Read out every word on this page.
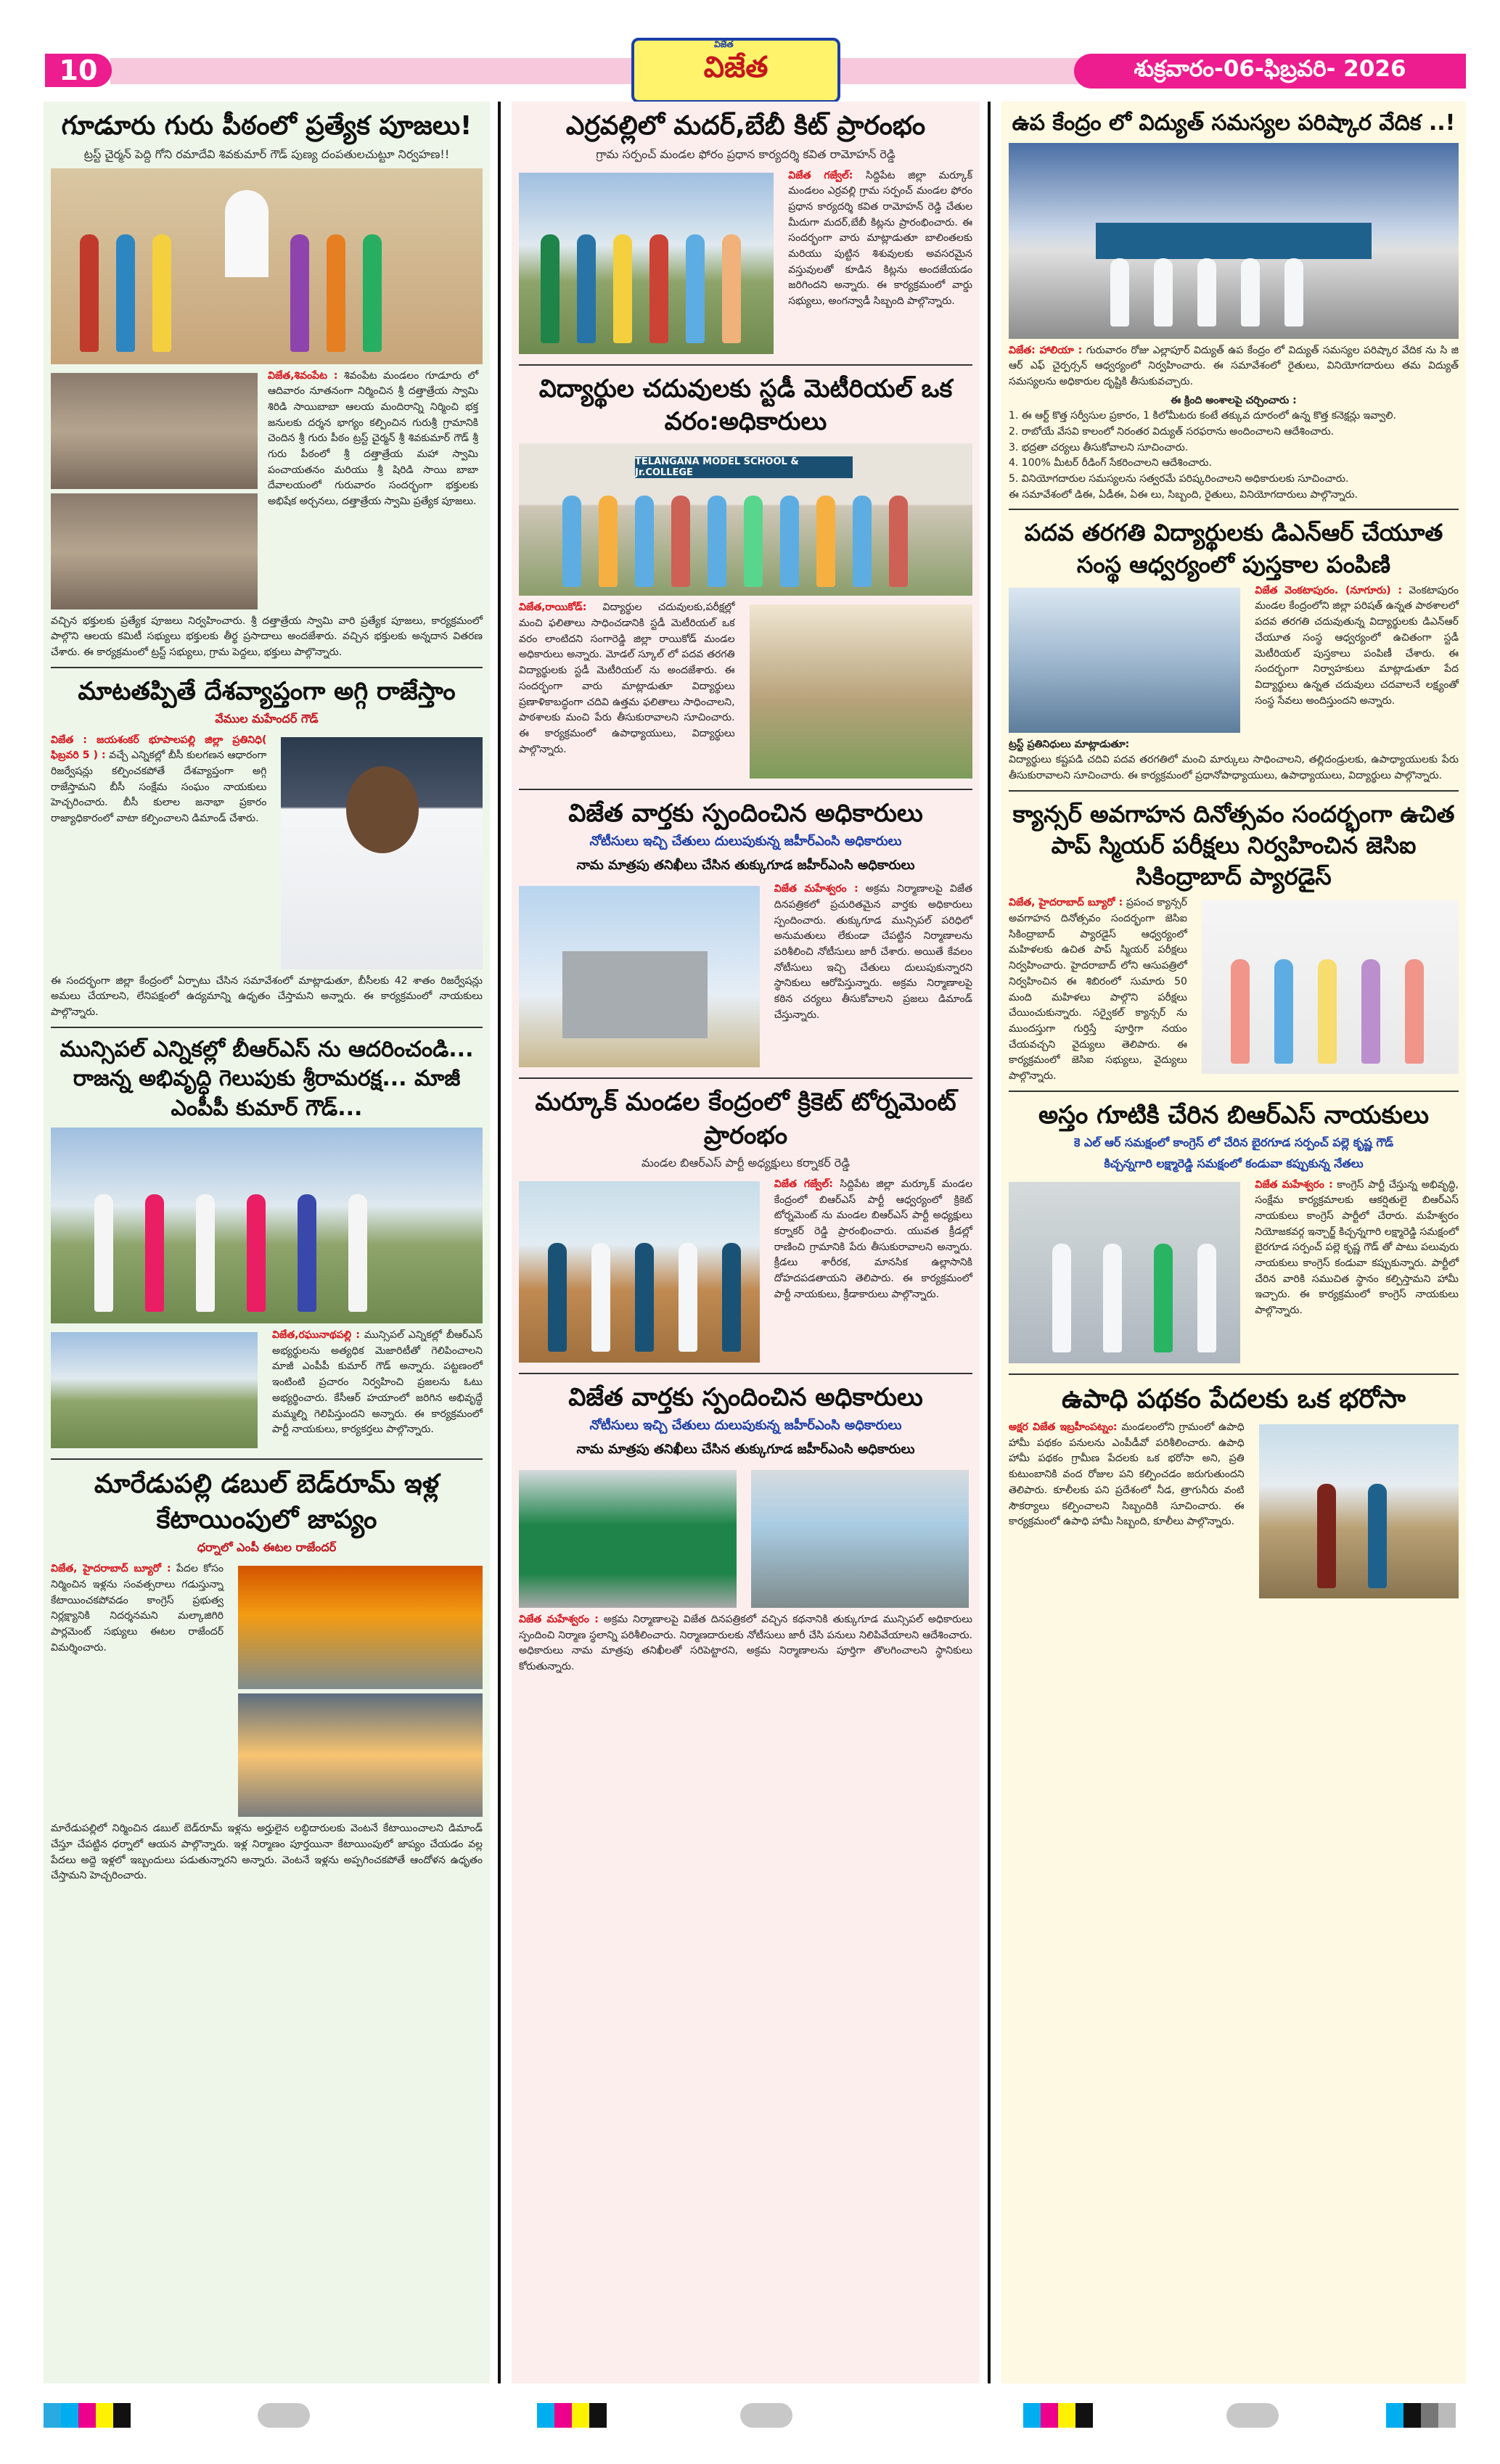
10
విజేత
విజేత	శుక్రవారం-06-ఫిబ్రవరి- 2026
గూడూరు గురు పీఠంలో ప్రత్యేక పూజలు!
ట్రస్ట్ చైర్మన్ పెద్ది గోని రమాదేవి శివకుమార్ గౌడ్ పుణ్య దంపతులచుట్టూ నిర్వహణ!!
విజేత,శివంపేట : శివంపేట మండలం గూడూరు లో ఆదివారం నూతనంగా నిర్మించిన శ్రీ దత్తాత్రేయ స్వామి శిరిడి సాయిబాబా ఆలయ మందిరాన్ని నిర్మించి భక్త జనులకు దర్శన భాగ్యం కల్పించిన గురుశ్రీ గ్రామానికి చెందిన శ్రీ గురు పీఠం ట్రస్ట్ చైర్మన్ శ్రీ శివకుమార్ గౌడ్ శ్రీ గురు పీఠంలో శ్రీ దత్తాత్రేయ మహా స్వామి పంచాయతనం మరియు శ్రీ షిరిడి సాయి బాబా దేవాలయంలో గురువారం సందర్భంగా భక్తులకు అభిషేక అర్చనలు, దత్తాత్రేయ స్వామి ప్రత్యేక పూజలు.
వచ్చిన భక్తులకు ప్రత్యేక పూజలు నిర్వహించారు. శ్రీ దత్తాత్రేయ స్వామి వారి ప్రత్యేక పూజలు, కార్యక్రమంలో పాల్గొని ఆలయ కమిటీ సభ్యులు భక్తులకు తీర్థ ప్రసాదాలు అందజేశారు. వచ్చిన భక్తులకు అన్నదాన వితరణ చేశారు. ఈ కార్యక్రమంలో ట్రస్ట్ సభ్యులు, గ్రామ పెద్దలు, భక్తులు పాల్గొన్నారు.
మాటతప్పితే దేశవ్యాప్తంగా అగ్గి రాజేస్తాం
వేముల మహేందర్ గౌడ్
విజేత : జయశంకర్ భూపాలపల్లి జిల్లా ప్రతినిధి( ఫిబ్రవరి 5 ) : వచ్చే ఎన్నికల్లో బీసీ కులగణన ఆధారంగా రిజర్వేషన్లు కల్పించకపోతే దేశవ్యాప్తంగా అగ్గి రాజేస్తామని బీసీ సంక్షేమ సంఘం నాయకులు హెచ్చరించారు. బీసీ కులాల జనాభా ప్రకారం రాజ్యాధికారంలో వాటా కల్పించాలని డిమాండ్ చేశారు.
ఈ సందర్భంగా జిల్లా కేంద్రంలో ఏర్పాటు చేసిన సమావేశంలో మాట్లాడుతూ, బీసీలకు 42 శాతం రిజర్వేషన్లు అమలు చేయాలని, లేనిపక్షంలో ఉద్యమాన్ని ఉధృతం చేస్తామని అన్నారు. ఈ కార్యక్రమంలో నాయకులు పాల్గొన్నారు.
మున్సిపల్ ఎన్నికల్లో బీఆర్ఎస్ ను ఆదరించండి... రాజన్న అభివృద్ధి గెలుపుకు శ్రీరామరక్ష... మాజీ ఎంపీపీ కుమార్ గౌడ్...
విజేత,రఘునాథపల్లి : మున్సిపల్ ఎన్నికల్లో బీఆర్ఎస్ అభ్యర్థులను అత్యధిక మెజారిటీతో గెలిపించాలని మాజీ ఎంపీపీ కుమార్ గౌడ్ అన్నారు. పట్టణంలో ఇంటింటి ప్రచారం నిర్వహించి ప్రజలను ఓటు అభ్యర్థించారు. కేసీఆర్ హయాంలో జరిగిన అభివృద్ధే మమ్మల్ని గెలిపిస్తుందని అన్నారు. ఈ కార్యక్రమంలో పార్టీ నాయకులు, కార్యకర్తలు పాల్గొన్నారు.
మారేడుపల్లి డబుల్ బెడ్‌రూమ్ ఇళ్ల కేటాయింపులో జాప్యం
ధర్నాలో ఎంపీ ఈటల రాజేందర్
విజేత, హైదరాబాద్ బ్యూరో : పేదల కోసం నిర్మించిన ఇళ్లను సంవత్సరాలు గడుస్తున్నా కేటాయించకపోవడం కాంగ్రెస్ ప్రభుత్వ నిర్లక్ష్యానికి నిదర్శనమని మల్కాజిగిరి పార్లమెంట్ సభ్యులు ఈటల రాజేందర్ విమర్శించారు.
మారేడుపల్లిలో నిర్మించిన డబుల్ బెడ్‌రూమ్ ఇళ్లను అర్హులైన లబ్ధిదారులకు వెంటనే కేటాయించాలని డిమాండ్ చేస్తూ చేపట్టిన ధర్నాలో ఆయన పాల్గొన్నారు. ఇళ్ల నిర్మాణం పూర్తయినా కేటాయింపులో జాప్యం చేయడం వల్ల పేదలు అద్దె ఇళ్లలో ఇబ్బందులు పడుతున్నారని అన్నారు. వెంటనే ఇళ్లను అప్పగించకపోతే ఆందోళన ఉధృతం చేస్తామని హెచ్చరించారు.
ఎర్రవల్లిలో మదర్,బేబీ కిట్ ప్రారంభం
గ్రామ సర్పంచ్ మండల ఫోరం ప్రధాన కార్యదర్శి కవిత రామోహన్ రెడ్డి
విజేత గజ్వేల్: సిద్దిపేట జిల్లా మర్కూక్ మండలం ఎర్రవల్లి గ్రామ సర్పంచ్ మండల ఫోరం ప్రధాన కార్యదర్శి కవిత రామోహన్ రెడ్డి చేతుల మీదుగా మదర్,బేబీ కిట్లను ప్రారంభించారు. ఈ సందర్భంగా వారు మాట్లాడుతూ బాలింతలకు మరియు పుట్టిన శిశువులకు అవసరమైన వస్తువులతో కూడిన కిట్లను అందజేయడం జరిగిందని అన్నారు. ఈ కార్యక్రమంలో వార్డు సభ్యులు, అంగన్వాడీ సిబ్బంది పాల్గొన్నారు.
విద్యార్థుల చదువులకు స్టడీ మెటీరియల్ ఒక వరం:అధికారులు
TELANGANA MODEL SCHOOL & Jr.COLLEGE
విజేత,రాయికోడ్: విద్యార్థుల చదువులకు,పరీక్షల్లో మంచి ఫలితాలు సాధించడానికి స్టడీ మెటీరియల్ ఒక వరం లాంటిదని సంగారెడ్డి జిల్లా రాయికోడ్ మండల అధికారులు అన్నారు. మోడల్ స్కూల్ లో పదవ తరగతి విద్యార్థులకు స్టడీ మెటీరియల్ ను అందజేశారు. ఈ సందర్భంగా వారు మాట్లాడుతూ విద్యార్థులు ప్రణాళికాబద్ధంగా చదివి ఉత్తమ ఫలితాలు సాధించాలని, పాఠశాలకు మంచి పేరు తీసుకురావాలని సూచించారు. ఈ కార్యక్రమంలో ఉపాధ్యాయులు, విద్యార్థులు పాల్గొన్నారు.
విజేత వార్తకు స్పందించిన అధికారులు
నోటీసులు ఇచ్చి చేతులు దులుపుకున్న జహీర్ఎంసి అధికారులు
నామ మాత్రపు తనిఖీలు చేసిన తుక్కుగూడ జహీర్ఎంసి అధికారులు
విజేత మహేశ్వరం : అక్రమ నిర్మాణాలపై విజేత దినపత్రికలో ప్రచురితమైన వార్తకు అధికారులు స్పందించారు. తుక్కుగూడ మున్సిపల్ పరిధిలో అనుమతులు లేకుండా చేపట్టిన నిర్మాణాలను పరిశీలించి నోటీసులు జారీ చేశారు. అయితే కేవలం నోటీసులు ఇచ్చి చేతులు దులుపుకున్నారని స్థానికులు ఆరోపిస్తున్నారు. అక్రమ నిర్మాణాలపై కఠిన చర్యలు తీసుకోవాలని ప్రజలు డిమాండ్ చేస్తున్నారు.
మర్కూక్ మండల కేంద్రంలో క్రికెట్ టోర్నమెంట్ ప్రారంభం
మండల బిఆర్ఎస్ పార్టీ అధ్యక్షులు కర్నాకర్ రెడ్డి
విజేత గజ్వేల్: సిద్దిపేట జిల్లా మర్కూక్ మండల కేంద్రంలో బిఆర్ఎస్ పార్టీ ఆధ్వర్యంలో క్రికెట్ టోర్నమెంట్ ను మండల బిఆర్ఎస్ పార్టీ అధ్యక్షులు కర్నాకర్ రెడ్డి ప్రారంభించారు. యువత క్రీడల్లో రాణించి గ్రామానికి పేరు తీసుకురావాలని అన్నారు. క్రీడలు శారీరక, మానసిక ఉల్లాసానికి దోహదపడతాయని తెలిపారు. ఈ కార్యక్రమంలో పార్టీ నాయకులు, క్రీడాకారులు పాల్గొన్నారు.
విజేత వార్తకు స్పందించిన అధికారులు
నోటీసులు ఇచ్చి చేతులు దులుపుకున్న జహీర్ఎంసి అధికారులు
నామ మాత్రపు తనిఖీలు చేసిన తుక్కుగూడ జహీర్ఎంసి అధికారులు
విజేత మహేశ్వరం : అక్రమ నిర్మాణాలపై విజేత దినపత్రికలో వచ్చిన కథనానికి తుక్కుగూడ మున్సిపల్ అధికారులు స్పందించి నిర్మాణ స్థలాన్ని పరిశీలించారు. నిర్మాణదారులకు నోటీసులు జారీ చేసి పనులు నిలిపివేయాలని ఆదేశించారు. అధికారులు నామ మాత్రపు తనిఖీలతో సరిపెట్టారని, అక్రమ నిర్మాణాలను పూర్తిగా తొలగించాలని స్థానికులు కోరుతున్నారు.
ఉప కేంద్రం లో విద్యుత్ సమస్యల పరిష్కార వేదిక ..!
విజేత: హాలియా : గురువారం రోజు ఎల్లాపూర్ విద్యుత్ ఉప కేంద్రం లో విద్యుత్ సమస్యల పరిష్కార వేదిక ను సి జి ఆర్ ఎఫ్ చైర్పర్సన్ ఆధ్వర్యంలో నిర్వహించారు. ఈ సమావేశంలో రైతులు, వినియోగదారులు తమ విద్యుత్ సమస్యలను అధికారుల దృష్టికి తీసుకువచ్చారు.
ఈ క్రింది అంశాలపై చర్చించారు :
1. ఈ ఆర్ట్ కొత్త సర్వీసుల ప్రకారం, 1 కిలోమీటరు కంటే తక్కువ దూరంలో ఉన్న కొత్త కనెక్షన్లు ఇవ్వాలి.
2. రాబోయే వేసవి కాలంలో నిరంతర విద్యుత్ సరఫరాను అందించాలని ఆదేశించారు.
3. భద్రతా చర్యలు తీసుకోవాలని సూచించారు.
4. 100% మీటర్ రీడింగ్ సేకరించాలని ఆదేశించారు.
5. వినియోగదారుల సమస్యలను సత్వరమే పరిష్కరించాలని అధికారులకు సూచించారు.
ఈ సమావేశంలో డిఈ, ఏడీఈ, ఏఈ లు, సిబ్బంది, రైతులు, వినియోగదారులు పాల్గొన్నారు.
పదవ తరగతి విద్యార్థులకు డిఎన్ఆర్ చేయూత సంస్థ ఆధ్వర్యంలో పుస్తకాల పంపిణి
విజేత వెంకటాపురం. (నూగూరు) : వెంకటాపురం మండల కేంద్రంలోని జిల్లా పరిషత్ ఉన్నత పాఠశాలలో పదవ తరగతి చదువుతున్న విద్యార్థులకు డిఎన్ఆర్ చేయూత సంస్థ ఆధ్వర్యంలో ఉచితంగా స్టడీ మెటీరియల్ పుస్తకాలు పంపిణీ చేశారు. ఈ సందర్భంగా నిర్వాహకులు మాట్లాడుతూ పేద విద్యార్థులు ఉన్నత చదువులు చదవాలనే లక్ష్యంతో సంస్థ సేవలు అందిస్తుందని అన్నారు.
ట్రస్ట్ ప్రతినిధులు మాట్లాడుతూ:
విద్యార్థులు కష్టపడి చదివి పదవ తరగతిలో మంచి మార్కులు సాధించాలని, తల్లిదండ్రులకు, ఉపాధ్యాయులకు పేరు తీసుకురావాలని సూచించారు. ఈ కార్యక్రమంలో ప్రధానోపాధ్యాయులు, ఉపాధ్యాయులు, విద్యార్థులు పాల్గొన్నారు.
క్యాన్సర్ అవగాహన దినోత్సవం సందర్భంగా ఉచిత పాప్ స్మియర్ పరీక్షలు నిర్వహించిన జెసిఐ సికింద్రాబాద్ ప్యారడైస్
విజేత, హైదరాబాద్ బ్యూరో : ప్రపంచ క్యాన్సర్ అవగాహన దినోత్సవం సందర్భంగా జెసిఐ సికింద్రాబాద్ ప్యారడైస్ ఆధ్వర్యంలో మహిళలకు ఉచిత పాప్ స్మియర్ పరీక్షలు నిర్వహించారు. హైదరాబాద్ లోని ఆసుపత్రిలో నిర్వహించిన ఈ శిబిరంలో సుమారు 50 మంది మహిళలు పాల్గొని పరీక్షలు చేయించుకున్నారు. సర్వైకల్ క్యాన్సర్ ను ముందస్తుగా గుర్తిస్తే పూర్తిగా నయం చేయవచ్చని వైద్యులు తెలిపారు. ఈ కార్యక్రమంలో జెసిఐ సభ్యులు, వైద్యులు పాల్గొన్నారు.
అస్తం గూటికి చేరిన బిఆర్ఎస్ నాయకులు
కె ఎల్ ఆర్ సమక్షంలో కాంగ్రెస్ లో చేరిన బైరగూడ సర్పంచ్ పల్లె కృష్ణ గౌడ్
కిచ్చన్నగారి లక్ష్మారెడ్డి సమక్షంలో కండువా కప్పుకున్న నేతలు
విజేత మహేశ్వరం : కాంగ్రెస్ పార్టీ చేస్తున్న అభివృద్ధి, సంక్షేమ కార్యక్రమాలకు ఆకర్షితులై బిఆర్ఎస్ నాయకులు కాంగ్రెస్ పార్టీలో చేరారు. మహేశ్వరం నియోజకవర్గ ఇన్చార్జ్ కిచ్చన్నగారి లక్ష్మారెడ్డి సమక్షంలో బైరగూడ సర్పంచ్ పల్లె కృష్ణ గౌడ్ తో పాటు పలువురు నాయకులు కాంగ్రెస్ కండువా కప్పుకున్నారు. పార్టీలో చేరిన వారికి సముచిత స్థానం కల్పిస్తామని హామీ ఇచ్చారు. ఈ కార్యక్రమంలో కాంగ్రెస్ నాయకులు పాల్గొన్నారు.
ఉపాధి పథకం పేదలకు ఒక భరోసా
అక్షర విజేత ఇబ్రహీంపట్నం: మండలంలోని గ్రామంలో ఉపాధి హామీ పథకం పనులను ఎంపీడీవో పరిశీలించారు. ఉపాధి హామీ పథకం గ్రామీణ పేదలకు ఒక భరోసా అని, ప్రతి కుటుంబానికి వంద రోజుల పని కల్పించడం జరుగుతుందని తెలిపారు. కూలీలకు పని ప్రదేశంలో నీడ, త్రాగునీరు వంటి సౌకర్యాలు కల్పించాలని సిబ్బందికి సూచించారు. ఈ కార్యక్రమంలో ఉపాధి హామీ సిబ్బంది, కూలీలు పాల్గొన్నారు.
